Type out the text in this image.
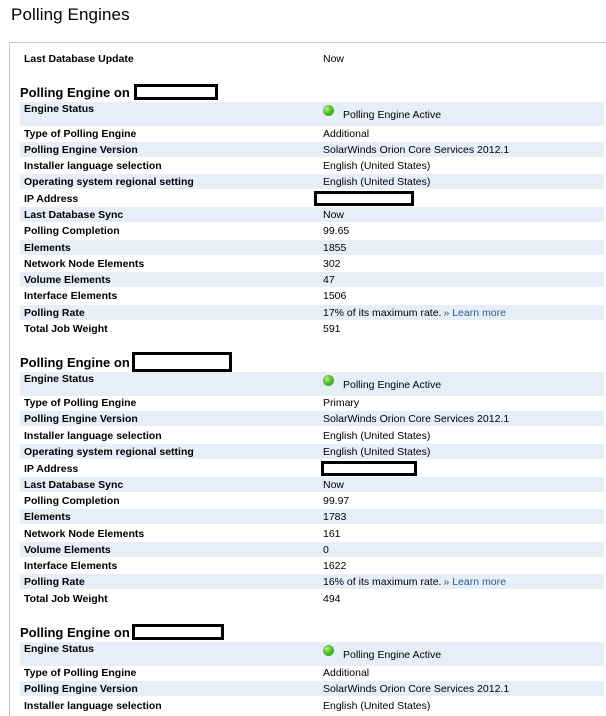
Polling Engines
Last Database Update	Now
Polling Engine on
Engine Status	Polling Engine Active
Type of Polling Engine	Additional
Polling Engine Version	SolarWinds Orion Core Services 2012.1
Installer language selection	English (United States)
Operating system regional setting	English (United States)
IP Address
Last Database Sync	Now
Polling Completion	99.65
Elements	1855
Network Node Elements	302
Volume Elements	47
Interface Elements	1506
Polling Rate	17% of its maximum rate. » Learn more
Total Job Weight	591
Polling Engine on
Engine Status	Polling Engine Active
Type of Polling Engine	Primary
Polling Engine Version	SolarWinds Orion Core Services 2012.1
Installer language selection	English (United States)
Operating system regional setting	English (United States)
IP Address
Last Database Sync	Now
Polling Completion	99.97
Elements	1783
Network Node Elements	161
Volume Elements	0
Interface Elements	1622
Polling Rate	16% of its maximum rate. » Learn more
Total Job Weight	494
Polling Engine on
Engine Status	Polling Engine Active
Type of Polling Engine	Additional
Polling Engine Version	SolarWinds Orion Core Services 2012.1
Installer language selection	English (United States)
